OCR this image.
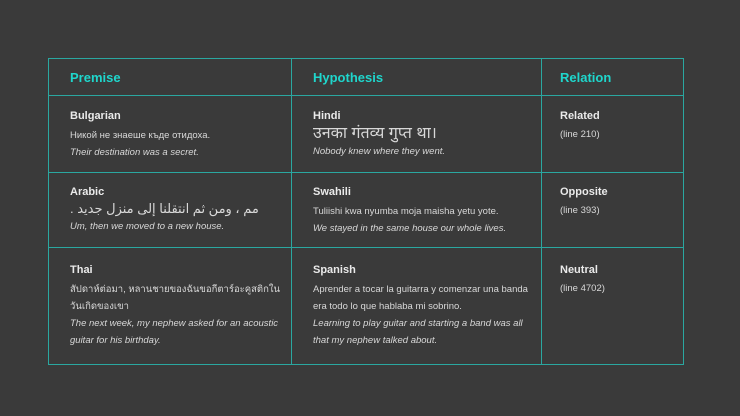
Premise	Hypothesis	Relation
Bulgarian
Никой не знаеше къде отидоха.
Their destination was a secret.
Hindi
उनका गंतव्य गुप्त था।
Nobody knew where they went.
Related
(line 210)
Arabic
مم ، ومن ثم انتقلنا إلى منزل جديد .
Um, then we moved to a new house.
Swahili
Tuliishi kwa nyumba moja maisha yetu yote.
We stayed in the same house our whole lives.
Opposite
(line 393)
Thai
สัปดาห์ต่อมา, หลานชายของฉันขอกีตาร์อะคูสติกในวันเกิดของเขา
The next week, my nephew asked for an acoustic guitar for his birthday.
Spanish
Aprender a tocar la guitarra y comenzar una banda era todo lo que hablaba mi sobrino.
Learning to play guitar and starting a band was all that my nephew talked about.
Neutral
(line 4702)
